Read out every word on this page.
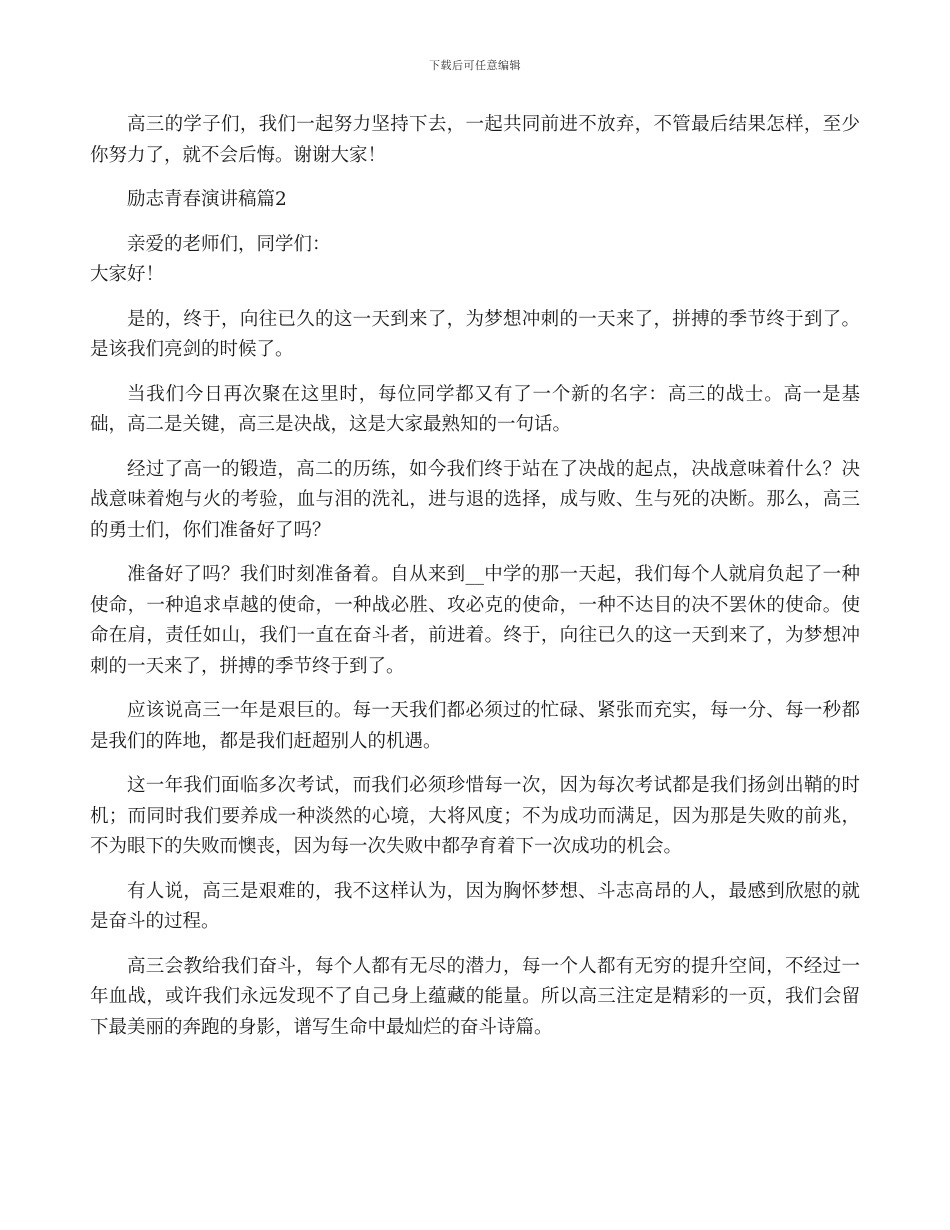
下载后可任意编辑

高三的学子们，我们一起努力坚持下去，一起共同前进不放弃，不管最后结果怎样，至少你努力了，就不会后悔。谢谢大家！

励志青春演讲稿篇2

亲爱的老师们，同学们：

大家好！

是的，终于，向往已久的这一天到来了，为梦想冲刺的一天来了，拼搏的季节终于到了。是该我们亮剑的时候了。

当我们今日再次聚在这里时，每位同学都又有了一个新的名字：高三的战士。高一是基础，高二是关键，高三是决战，这是大家最熟知的一句话。

经过了高一的锻造，高二的历练，如今我们终于站在了决战的起点，决战意味着什么？决战意味着炮与火的考验，血与泪的洗礼，进与退的选择，成与败、生与死的决断。那么，高三的勇士们，你们准备好了吗？

准备好了吗？我们时刻准备着。自从来到__中学的那一天起，我们每个人就肩负起了一种使命，一种追求卓越的使命，一种战必胜、攻必克的使命，一种不达目的决不罢休的使命。使命在肩，责任如山，我们一直在奋斗者，前进着。终于，向往已久的这一天到来了，为梦想冲刺的一天来了，拼搏的季节终于到了。

应该说高三一年是艰巨的。每一天我们都必须过的忙碌、紧张而充实，每一分、每一秒都是我们的阵地，都是我们赶超别人的机遇。

这一年我们面临多次考试，而我们必须珍惜每一次，因为每次考试都是我们扬剑出鞘的时机；而同时我们要养成一种淡然的心境，大将风度；不为成功而满足，因为那是失败的前兆，不为眼下的失败而懊丧，因为每一次失败中都孕育着下一次成功的机会。

有人说，高三是艰难的，我不这样认为，因为胸怀梦想、斗志高昂的人，最感到欣慰的就是奋斗的过程。

高三会教给我们奋斗，每个人都有无尽的潜力，每一个人都有无穷的提升空间，不经过一年血战，或许我们永远发现不了自己身上蕴藏的能量。所以高三注定是精彩的一页，我们会留下最美丽的奔跑的身影，谱写生命中最灿烂的奋斗诗篇。
